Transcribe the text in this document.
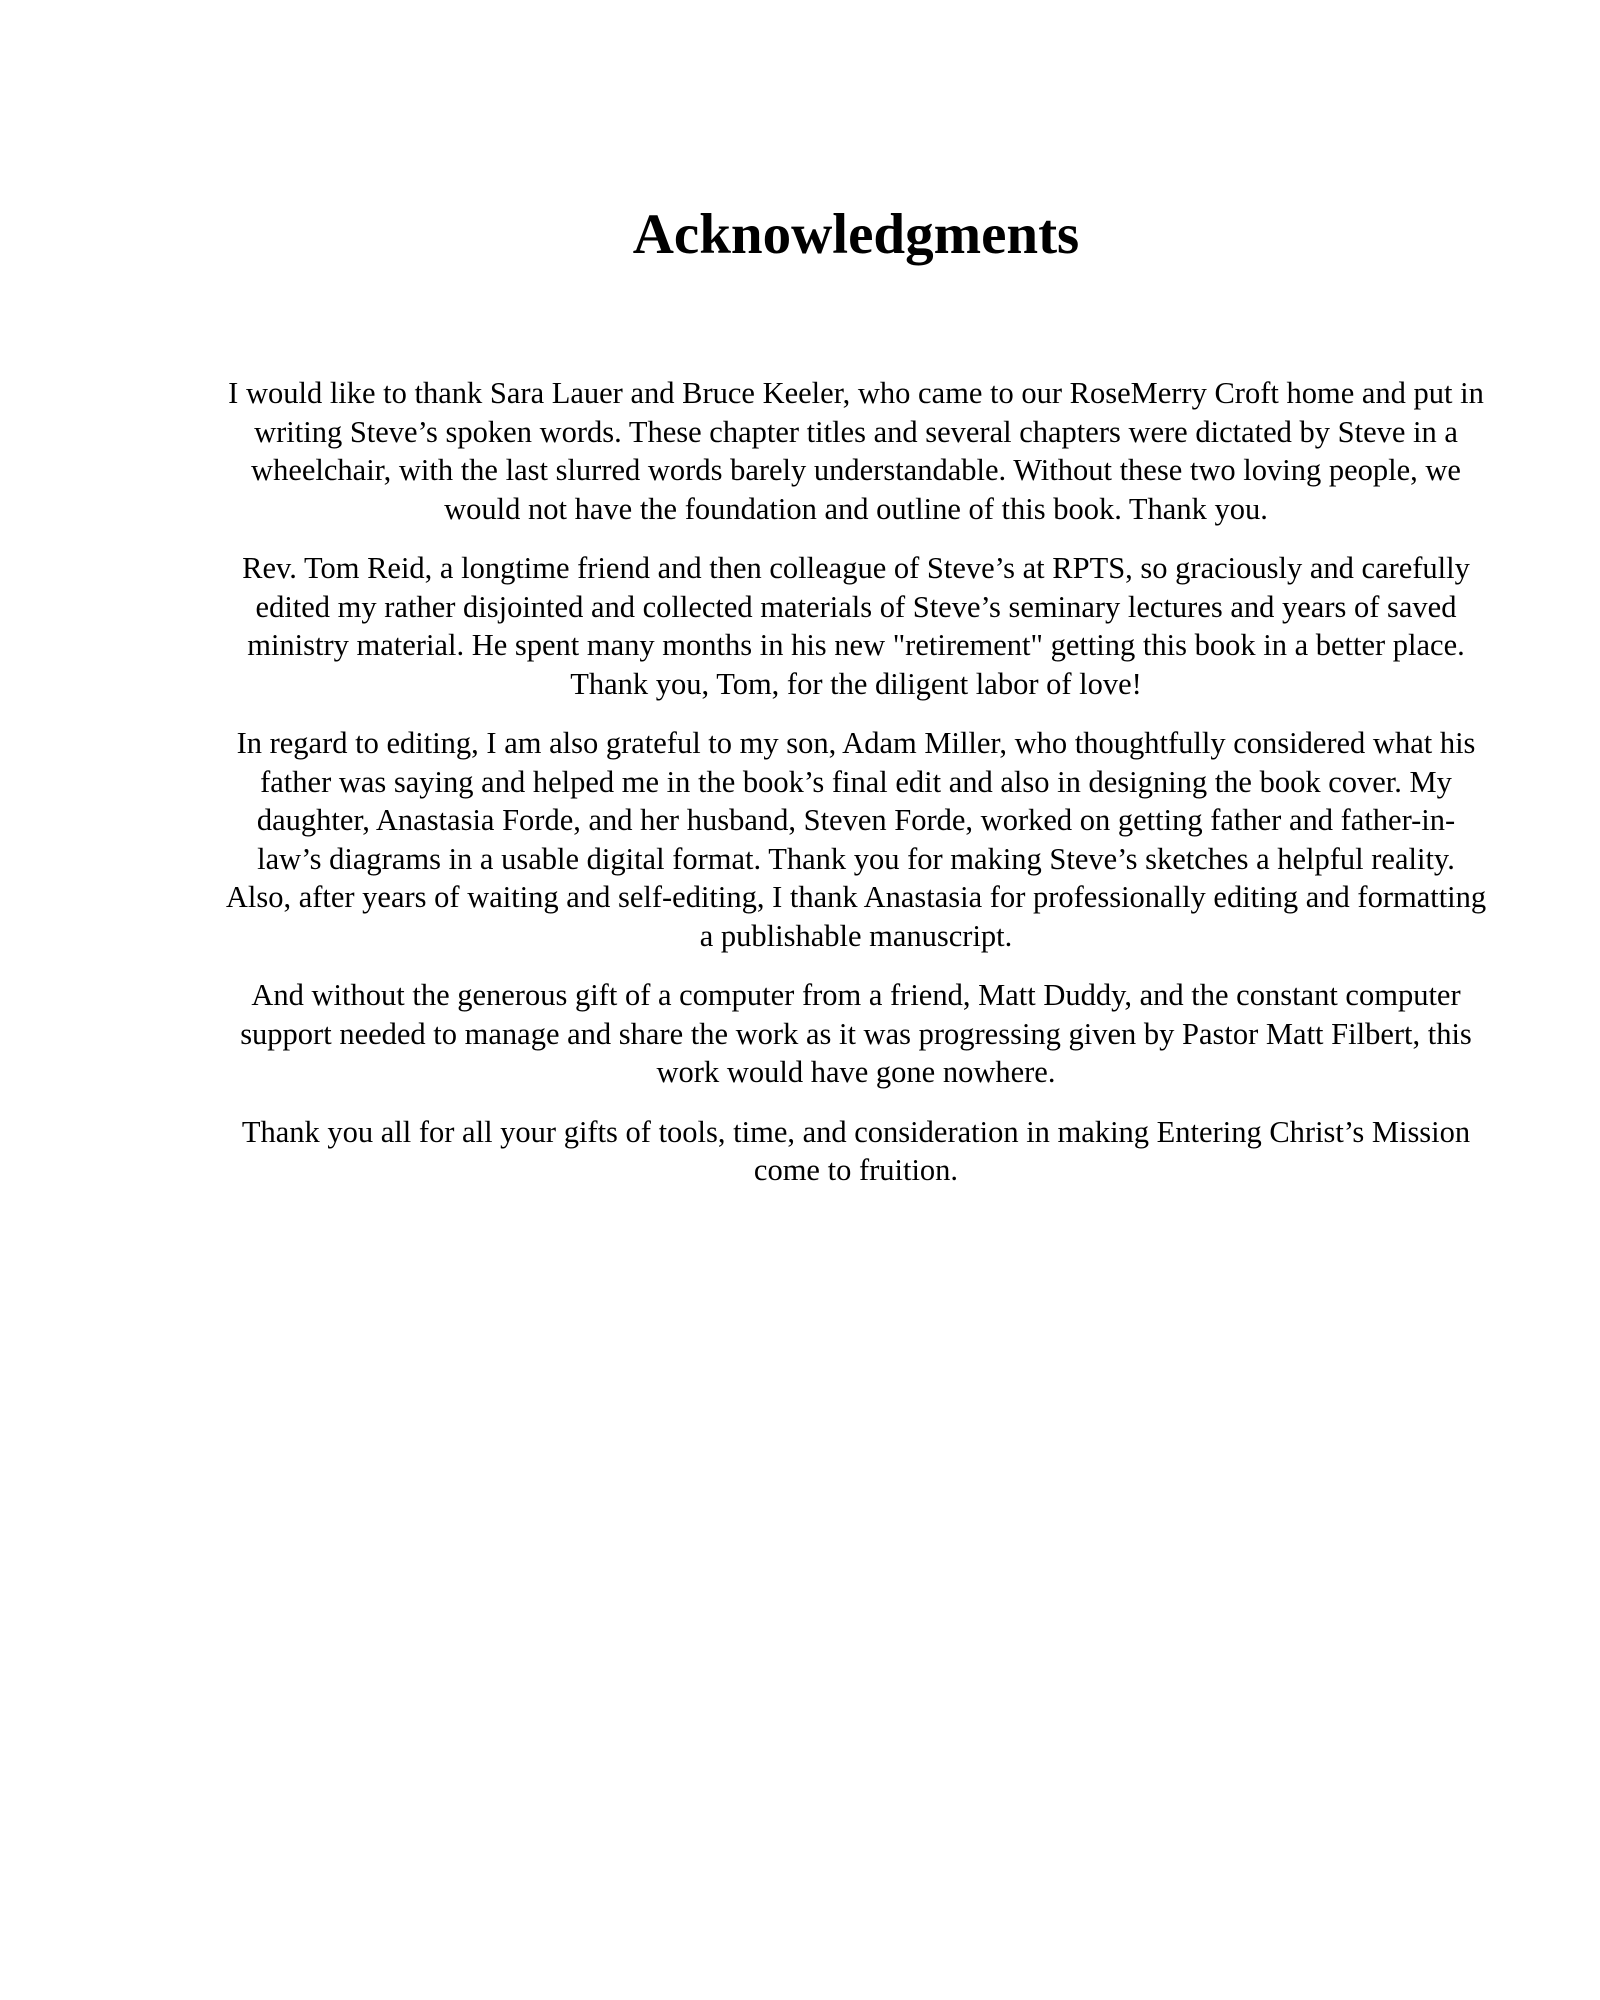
Acknowledgments

I would like to thank Sara Lauer and Bruce Keeler, who came to our RoseMerry Croft home and put in
writing Steve’s spoken words. These chapter titles and several chapters were dictated by Steve in a
wheelchair, with the last slurred words barely understandable. Without these two loving people, we
would not have the foundation and outline of this book. Thank you.

Rev. Tom Reid, a longtime friend and then colleague of Steve’s at RPTS, so graciously and carefully
edited my rather disjointed and collected materials of Steve’s seminary lectures and years of saved
ministry material. He spent many months in his new "retirement" getting this book in a better place.
Thank you, Tom, for the diligent labor of love!

In regard to editing, I am also grateful to my son, Adam Miller, who thoughtfully considered what his
father was saying and helped me in the book’s final edit and also in designing the book cover. My
daughter, Anastasia Forde, and her husband, Steven Forde, worked on getting father and father-in-
law’s diagrams in a usable digital format. Thank you for making Steve’s sketches a helpful reality.
Also, after years of waiting and self-editing, I thank Anastasia for professionally editing and formatting
a publishable manuscript.

And without the generous gift of a computer from a friend, Matt Duddy, and the constant computer
support needed to manage and share the work as it was progressing given by Pastor Matt Filbert, this
work would have gone nowhere.

Thank you all for all your gifts of tools, time, and consideration in making Entering Christ’s Mission
come to fruition.
